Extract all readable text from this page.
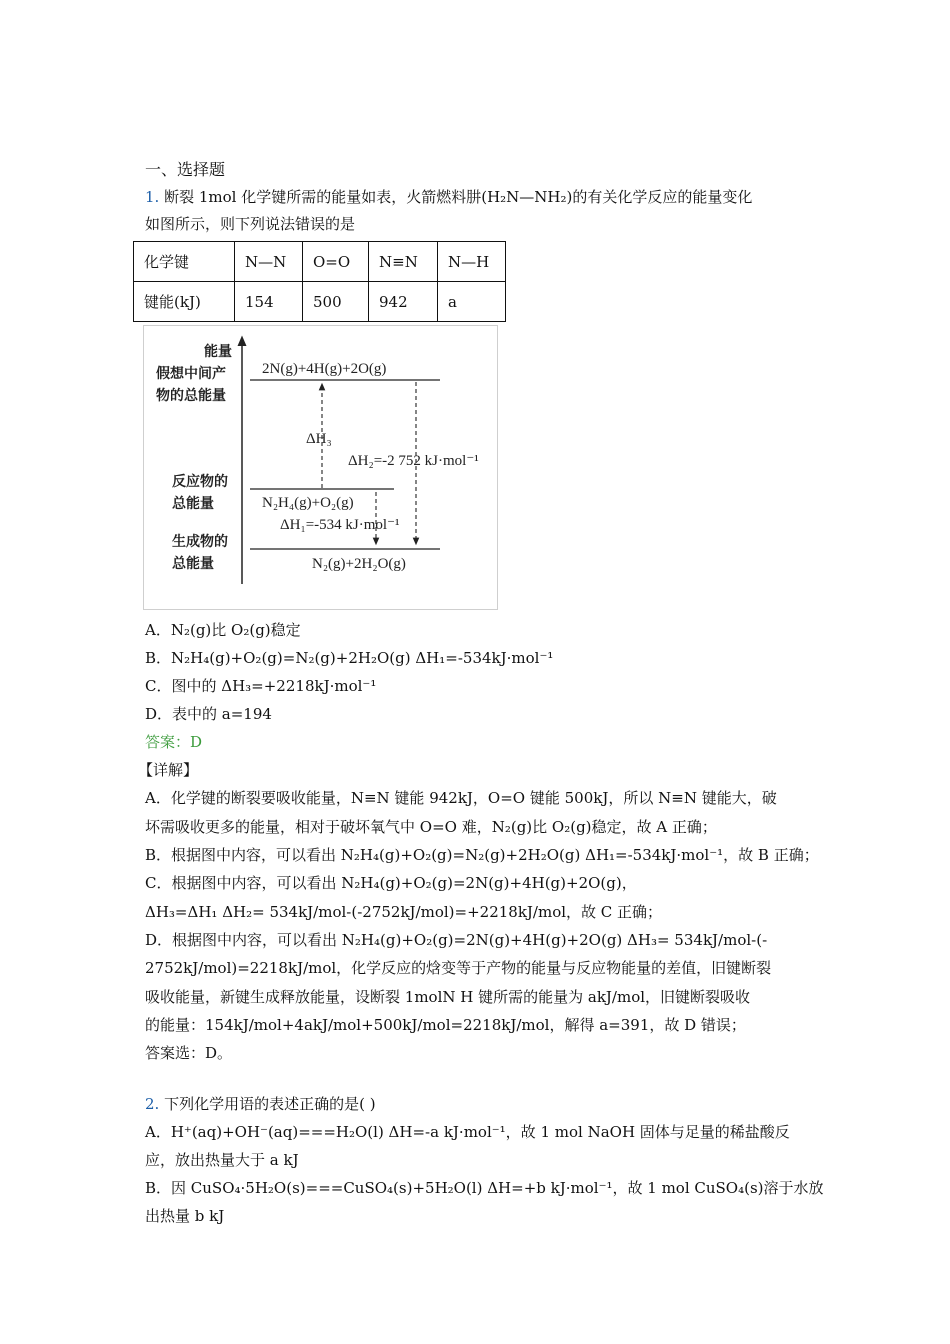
一、选择题
1. 断裂 1mol 化学键所需的能量如表，火箭燃料肼(H₂N—NH₂)的有关化学反应的能量变化
如图所示，则下列说法错误的是
化学键	N—N	O=O	N≡N	N—H
键能(kJ)	154	500	942	a
能量
假想中间产
物的总能量
2N(g)+4H(g)+2O(g)
反应物的
总能量	N₂H₄(g)+O₂(g)
生成物的
总能量	N₂(g)+2H₂O(g)
ΔH₃
ΔH₂=-2 752 kJ·mol⁻¹
ΔH₁=-534 kJ·mol⁻¹
A．N₂(g)比 O₂(g)稳定
B．N₂H₄(g)+O₂(g)=N₂(g)+2H₂O(g) ΔH₁=-534kJ·mol⁻¹
C．图中的 ΔH₃=+2218kJ·mol⁻¹
D．表中的 a=194
答案：D
【详解】
A．化学键的断裂要吸收能量，N≡N 键能 942kJ，O=O 键能 500kJ，所以 N≡N 键能大，破
坏需吸收更多的能量，相对于破坏氧气中 O=O 难，N₂(g)比 O₂(g)稳定，故 A 正确；
B．根据图中内容，可以看出 N₂H₄(g)+O₂(g)=N₂(g)+2H₂O(g) ΔH₁=-534kJ·mol⁻¹，故 B 正确；
C．根据图中内容，可以看出 N₂H₄(g)+O₂(g)=2N(g)+4H(g)+2O(g)，
ΔH₃=ΔH₁ ΔH₂= 534kJ/mol-(-2752kJ/mol)=+2218kJ/mol，故 C 正确；
D．根据图中内容，可以看出 N₂H₄(g)+O₂(g)=2N(g)+4H(g)+2O(g) ΔH₃= 534kJ/mol-(-
2752kJ/mol)=2218kJ/mol，化学反应的焓变等于产物的能量与反应物能量的差值，旧键断裂
吸收能量，新键生成释放能量，设断裂 1molN H 键所需的能量为 akJ/mol，旧键断裂吸收
的能量：154kJ/mol+4akJ/mol+500kJ/mol=2218kJ/mol，解得 a=391，故 D 错误；
答案选：D。
2. 下列化学用语的表述正确的是( )
A．H⁺(aq)+OH⁻(aq)===H₂O(l) ΔH=-a kJ·mol⁻¹，故 1 mol NaOH 固体与足量的稀盐酸反
应，放出热量大于 a kJ
B．因 CuSO₄·5H₂O(s)===CuSO₄(s)+5H₂O(l) ΔH=+b kJ·mol⁻¹，故 1 mol CuSO₄(s)溶于水放
出热量 b kJ
